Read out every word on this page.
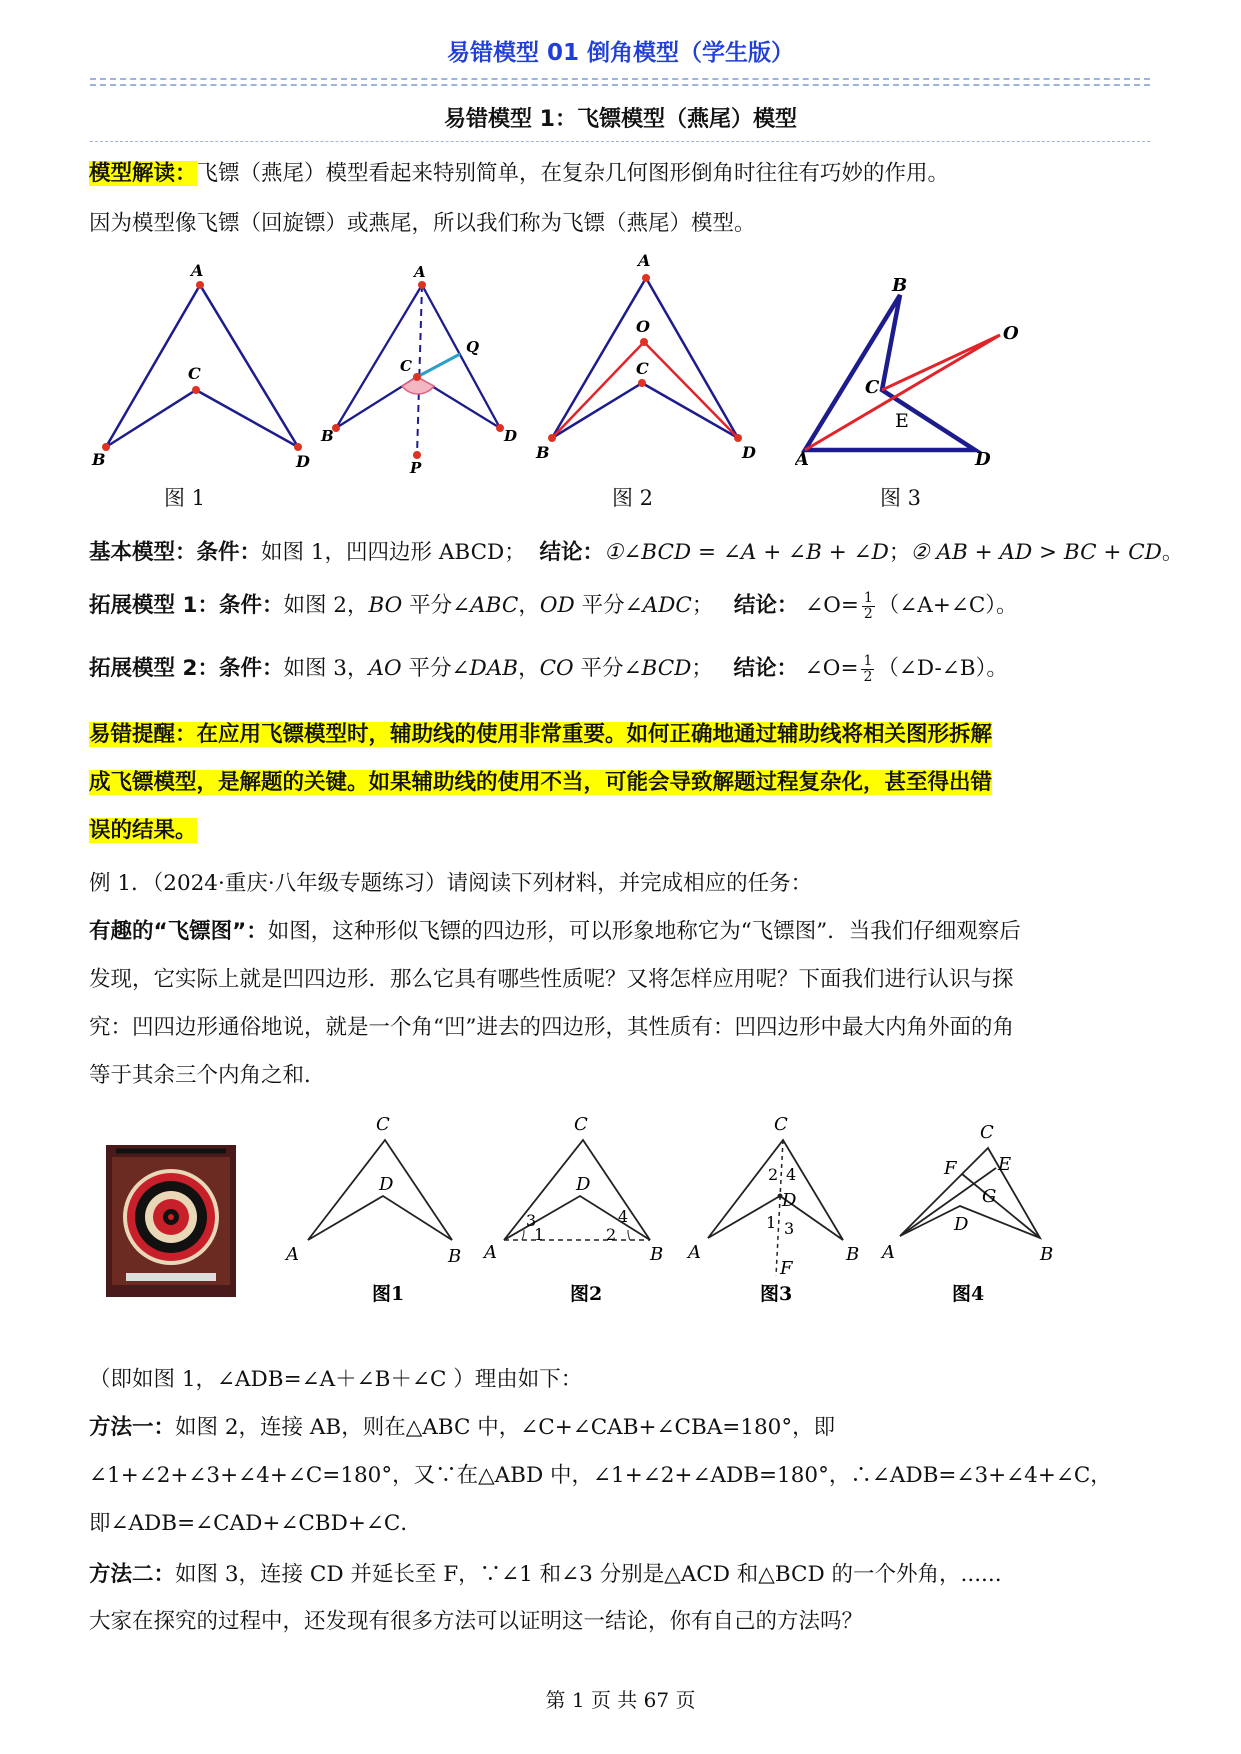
易错模型 01 倒角模型（学生版）
易错模型 1：飞镖模型（燕尾）模型
模型解读：飞镖（燕尾）模型看起来特别简单，在复杂几何图形倒角时往往有巧妙的作用。
因为模型像飞镖（回旋镖）或燕尾，所以我们称为飞镖（燕尾）模型。
A
C
B	D
A
C
Q
B	D
P
A
O
C
B	D
B
O
C
E
A	D
图 1	图 2	图 3
基本模型：条件：如图 1，凹四边形 ABCD； 结论：①∠BCD = ∠A + ∠B + ∠D；② AB + AD > BC + CD。
拓展模型 1：条件：如图 2，BO 平分∠ABC，OD 平分∠ADC； 结论： ∠O= $\frac{1}{2}$ （∠A+∠C）。
拓展模型 2：条件：如图 3，AO 平分∠DAB，CO 平分∠BCD； 结论： ∠O= $\frac{1}{2}$ （∠D-∠B）。
易错提醒：在应用飞镖模型时，辅助线的使用非常重要。如何正确地通过辅助线将相关图形拆解
成飞镖模型，是解题的关键。如果辅助线的使用不当，可能会导致解题过程复杂化，甚至得出错
误的结果。
例 1．（2024·重庆·八年级专题练习）请阅读下列材料，并完成相应的任务：
有趣的“飞镖图”：如图，这种形似飞镖的四边形，可以形象地称它为“飞镖图”．当我们仔细观察后
发现，它实际上就是凹四边形．那么它具有哪些性质呢？又将怎样应用呢？下面我们进行认识与探
究：凹四边形通俗地说，就是一个角“凹”进去的四边形，其性质有：凹四边形中最大内角外面的角
等于其余三个内角之和．
C
D
A	B
图1
C
D
3
1
4
2
A	B
图2
C
2 4
D
1 3
F
A	B
图3
C
F E
G
D
A	B
图4
（即如图 1，∠ADB=∠A＋∠B＋∠C ）理由如下：
方法一：如图 2，连接 AB，则在△ABC 中，∠C+∠CAB+∠CBA=180°，即
∠1+∠2+∠3+∠4+∠C=180°，又∵在△ABD 中，∠1+∠2+∠ADB=180°，∴∠ADB=∠3+∠4+∠C，
即∠ADB=∠CAD+∠CBD+∠C．
方法二：如图 3，连接 CD 并延长至 F，∵∠1 和∠3 分别是△ACD 和△BCD 的一个外角，......
大家在探究的过程中，还发现有很多方法可以证明这一结论，你有自己的方法吗？
第 1 页 共 67 页
